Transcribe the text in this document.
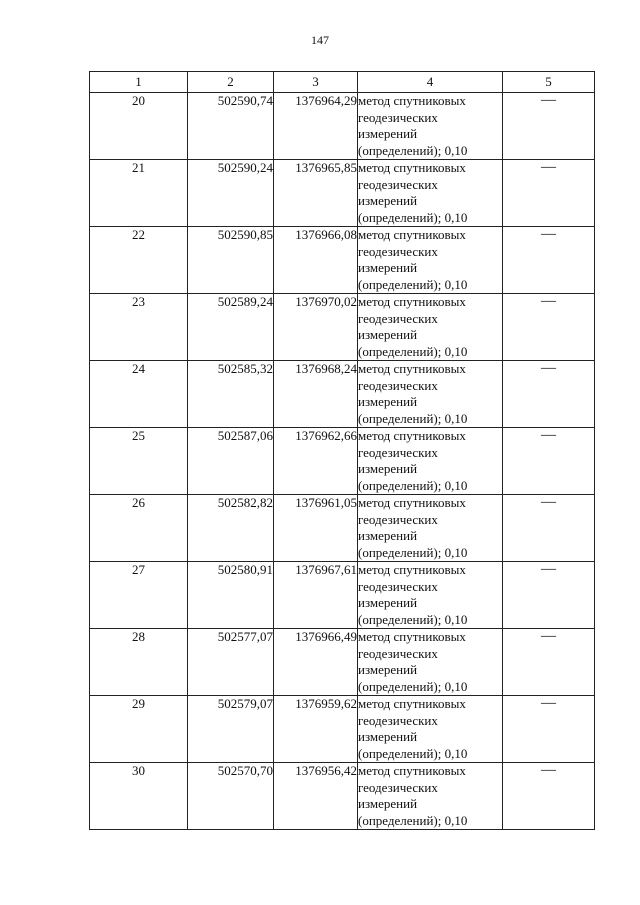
147
1	2	3	4	5
20	502590,74	1376964,29	метод спутниковых
геодезических
измерений
(определений); 0,10	—
21	502590,24	1376965,85	метод спутниковых
геодезических
измерений
(определений); 0,10	—
22	502590,85	1376966,08	метод спутниковых
геодезических
измерений
(определений); 0,10	—
23	502589,24	1376970,02	метод спутниковых
геодезических
измерений
(определений); 0,10	—
24	502585,32	1376968,24	метод спутниковых
геодезических
измерений
(определений); 0,10	—
25	502587,06	1376962,66	метод спутниковых
геодезических
измерений
(определений); 0,10	—
26	502582,82	1376961,05	метод спутниковых
геодезических
измерений
(определений); 0,10	—
27	502580,91	1376967,61	метод спутниковых
геодезических
измерений
(определений); 0,10	—
28	502577,07	1376966,49	метод спутниковых
геодезических
измерений
(определений); 0,10	—
29	502579,07	1376959,62	метод спутниковых
геодезических
измерений
(определений); 0,10	—
30	502570,70	1376956,42	метод спутниковых
геодезических
измерений
(определений); 0,10	—
